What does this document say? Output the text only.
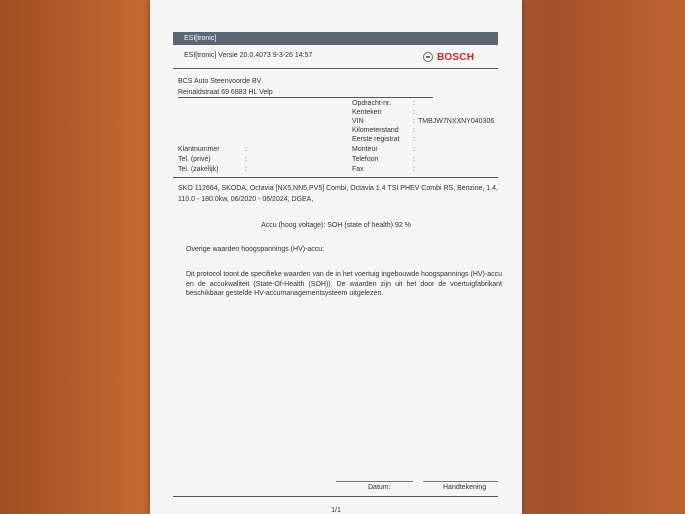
ESI[tronic]
ESI[tronic] Versie 20.0.4073 9-3-26 14:57	BOSCH
BCS Auto Steenvoorde BV
Reinaldstraat 69 6883 HL Velp
Opdracht-nr.	:
Kenteken	:
VIN	: TMBJW7NXXNY040306
Kilometerstand :
Eerste registrat :
Monteur	:
Telefoon	:
Fax	:
Klantnummer	:
Tel. (privé)	:
Tel. (zakelijk)	:
SKO 112664, SKODA, Octavia [NX5,NN5,PV5] Combi, Octavia 1.4 TSI PHEV Combi RS, Benzine, 1.4, 110.0 - 180.0kw, 06/2020 - 06/2024, DGEA,
Accu (hoog voltage): SOH (state of health) 92 %
Overige waarden hoogspannings (HV)-accu:
Dit protocol toont de specifieke waarden van de in het voertuig ingebouwde hoogspannings (HV)-accu en de accukwaliteit (State-Of-Health (SOH)). De waarden zijn uit het door de voertuigfabrikant beschikbaar gestelde HV-accumanagementsysteem uitgelezen.
Datum:	Handtekening
1/1
